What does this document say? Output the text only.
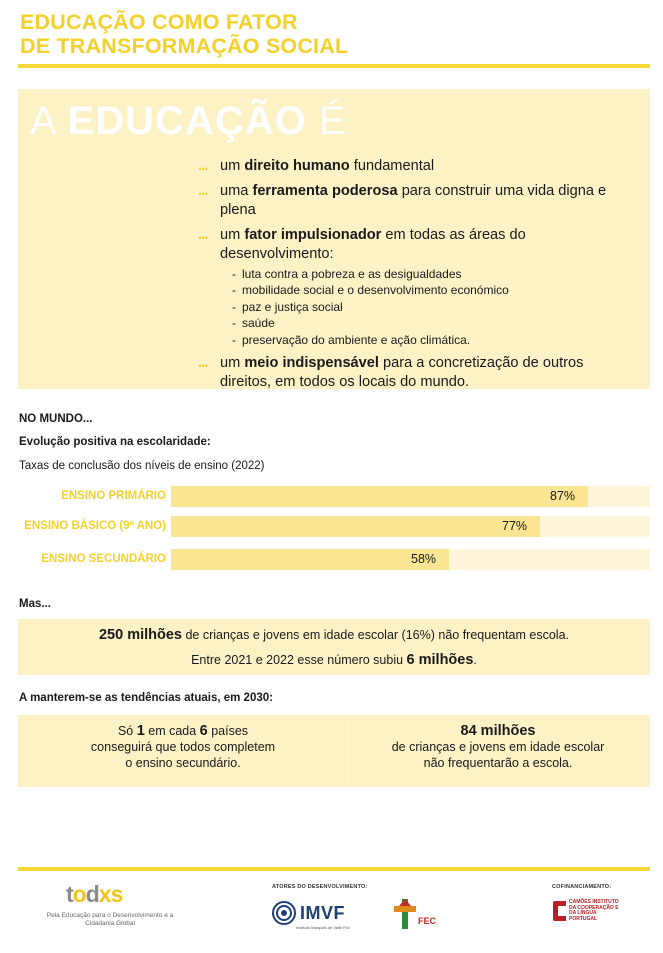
EDUCAÇÃO COMO FATOR
DE TRANSFORMAÇÃO SOCIAL
A EDUCAÇÃO É
... um direito humano fundamental
... uma ferramenta poderosa para construir uma vida digna e plena
... um fator impulsionador em todas as áreas do desenvolvimento:
- luta contra a pobreza e as desigualdades
- mobilidade social e o desenvolvimento económico
- paz e justiça social
- saúde
- preservação do ambiente e ação climática.
... um meio indispensável para a concretização de outros direitos, em todos os locais do mundo.
NO MUNDO...
Evolução positiva na escolaridade:
Taxas de conclusão dos níveis de ensino (2022)
ENSINO PRIMÁRIO	87%
ENSINO BÁSICO (9º ANO)	77%
ENSINO SECUNDÁRIO	58%
Mas...
250 milhões de crianças e jovens em idade escolar (16%) não frequentam escola.
Entre 2021 e 2022 esse número subiu 6 milhões.
A manterem-se as tendências atuais, em 2030:
Só 1 em cada 6 países
conseguirá que todos completem
o ensino secundário.
84 milhões
de crianças e jovens em idade escolar
não frequentarão a escola.
todxs
Pela Educação para o Desenvolvimento e a Cidadania Global
ATORES DO DESENVOLVIMENTO:
IMVF
Instituto Marquês de Valle Flôr
FEC
COFINANCIAMENTO:
CAMÕES INSTITUTO DA COOPERAÇÃO E DA LÍNGUA PORTUGAL
